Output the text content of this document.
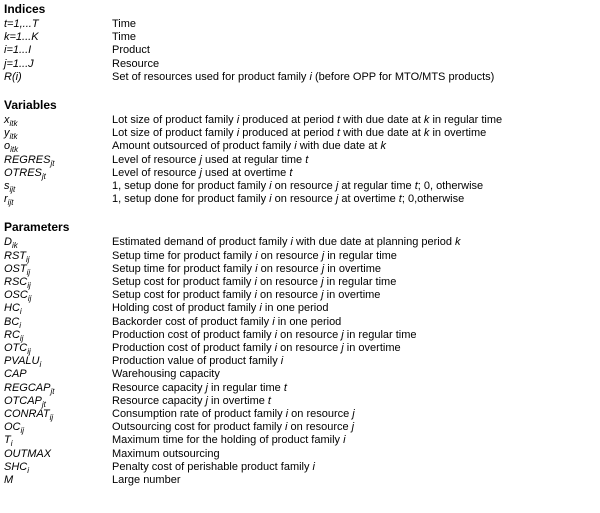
Indices
t=1,...T	Time
k=1...K	Time
i=1...I	Product
j=1...J	Resource
R(i)	Set of resources used for product family i (before OPP for MTO/MTS products)
Variables
$x_{itk}$	Lot size of product family i produced at period t with due date at k in regular time
$y_{itk}$	Lot size of product family i produced at period t with due date at k in overtime
$o_{itk}$	Amount outsourced of product family i with due date at k
$REGRES_{jt}$	Level of resource j used at regular time t
$OTRES_{jt}$	Level of resource j used at overtime t
$s_{ijt}$	1, setup done for product family i on resource j at regular time t; 0, otherwise
$r_{ijt}$	1, setup done for product family i on resource j at overtime t; 0,otherwise
Parameters
$D_{ik}$	Estimated demand of product family i with due date at planning period k
$RST_{ij}$	Setup time for product family i on resource j in regular time
$OST_{ij}$	Setup time for product family i on resource j in overtime
$RSC_{ij}$	Setup cost for product family i on resource j in regular time
$OSC_{ij}$	Setup cost for product family i on resource j in overtime
$HC_i$	Holding cost of product family i in one period
$BC_i$	Backorder cost of product family i in one period
$RC_{ij}$	Production cost of product family i on resource j in regular time
$OTC_{ij}$	Production cost of product family i on resource j in overtime
$PVALU_i$	Production value of product family i
CAP	Warehousing capacity
$REGCAP_{jt}$	Resource capacity j in regular time t
$OTCAP_{jt}$	Resource capacity j in overtime t
$CONRAT_{ij}$	Consumption rate of product family i on resource j
$OC_{ij}$	Outsourcing cost for product family i on resource j
$T_i$	Maximum time for the holding of product family i
OUTMAX	Maximum outsourcing
$SHC_i$	Penalty cost of perishable product family i
M	Large number
